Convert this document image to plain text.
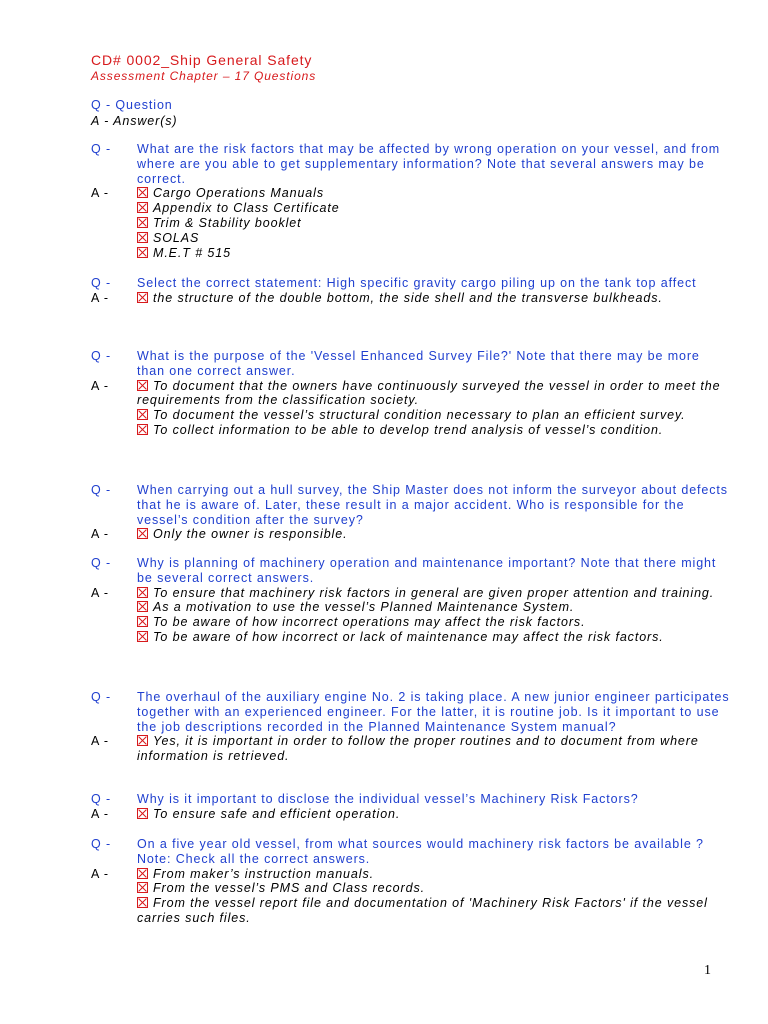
CD# 0002_Ship General Safety
Assessment Chapter – 17 Questions
Q - Question
A - Answer(s)
Q -	What are the risk factors that may be affected by wrong operation on your vessel, and from where are you able to get supplementary information? Note that several answers may be correct.
A -	Cargo Operations Manuals
Appendix to Class Certificate
Trim & Stability booklet
SOLAS
M.E.T # 515
Q -	Select the correct statement: High specific gravity cargo piling up on the tank top affect
A -	the structure of the double bottom, the side shell and the transverse bulkheads.
Q -	What is the purpose of the 'Vessel Enhanced Survey File?' Note that there may be more than one correct answer.
A -	To document that the owners have continuously surveyed the vessel in order to meet the requirements from the classification society.
To document the vessel’s structural condition necessary to plan an efficient survey.
To collect information to be able to develop trend analysis of vessel’s condition.
Q -	When carrying out a hull survey, the Ship Master does not inform the surveyor about defects that he is aware of. Later, these result in a major accident. Who is responsible for the vessel’s condition after the survey?
A -	Only the owner is responsible.
Q -	Why is planning of machinery operation and maintenance important? Note that there might be several correct answers.
A -	To ensure that machinery risk factors in general are given proper attention and training.
As a motivation to use the vessel’s Planned Maintenance System.
To be aware of how incorrect operations may affect the risk factors.
To be aware of how incorrect or lack of maintenance may affect the risk factors.
Q -	The overhaul of the auxiliary engine No. 2 is taking place. A new junior engineer participates together with an experienced engineer. For the latter, it is routine job. Is it important to use the job descriptions recorded in the Planned Maintenance System manual?
A -	Yes, it is important in order to follow the proper routines and to document from where information is retrieved.
Q -	Why is it important to disclose the individual vessel’s Machinery Risk Factors?
A -	To ensure safe and efficient operation.
Q -	On a five year old vessel, from what sources would machinery risk factors be available ? Note: Check all the correct answers.
A -	From maker’s instruction manuals.
From the vessel’s PMS and Class records.
From the vessel report file and documentation of 'Machinery Risk Factors' if the vessel carries such files.
1
